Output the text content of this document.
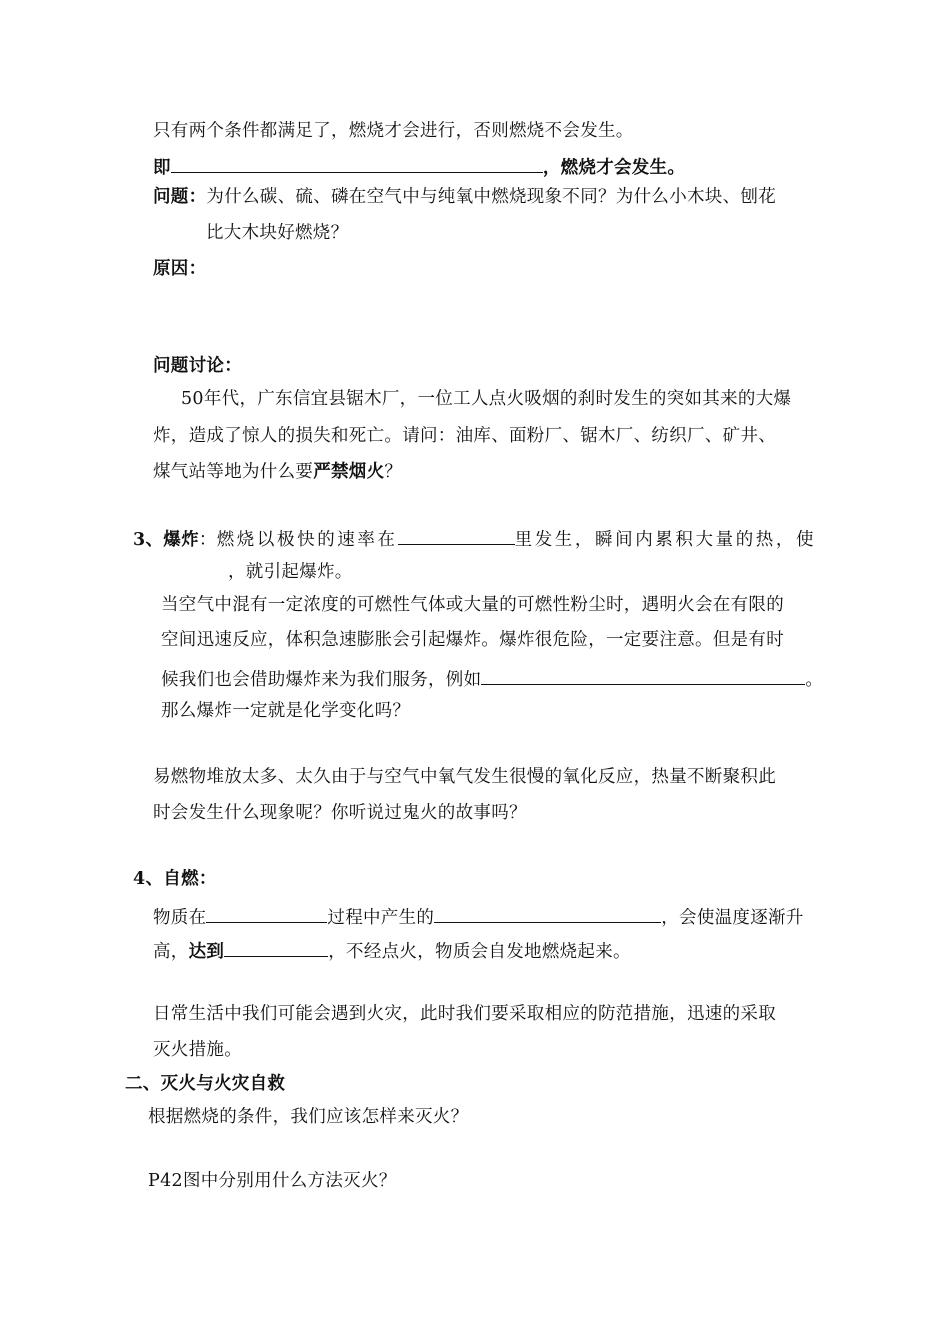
只有两个条件都满足了，燃烧才会进行，否则燃烧不会发生。
即	，燃烧才会发生。
问题：为什么碳、硫、磷在空气中与纯氧中燃烧现象不同？为什么小木块、刨花
比大木块好燃烧？
原因：
问题讨论：
50年代，广东信宜县锯木厂，一位工人点火吸烟的刹时发生的突如其来的大爆
炸，造成了惊人的损失和死亡。请问：油库、面粉厂、锯木厂、纺织厂、矿井、
煤气站等地为什么要严禁烟火？
3、爆炸：燃烧以极快的速率在	里发生，瞬间内累积大量的热，使
，就引起爆炸。
当空气中混有一定浓度的可燃性气体或大量的可燃性粉尘时，遇明火会在有限的
空间迅速反应，体积急速膨胀会引起爆炸。爆炸很危险，一定要注意。但是有时
候我们也会借助爆炸来为我们服务，例如	。
那么爆炸一定就是化学变化吗？
易燃物堆放太多、太久由于与空气中氧气发生很慢的氧化反应，热量不断聚积此
时会发生什么现象呢？你听说过鬼火的故事吗？
4、自燃：
物质在	过程中产生的	，会使温度逐渐升
高，达到	，不经点火，物质会自发地燃烧起来。
日常生活中我们可能会遇到火灾，此时我们要采取相应的防范措施，迅速的采取
灭火措施。
二、灭火与火灾自救
根据燃烧的条件，我们应该怎样来灭火？
P42图中分别用什么方法灭火？
